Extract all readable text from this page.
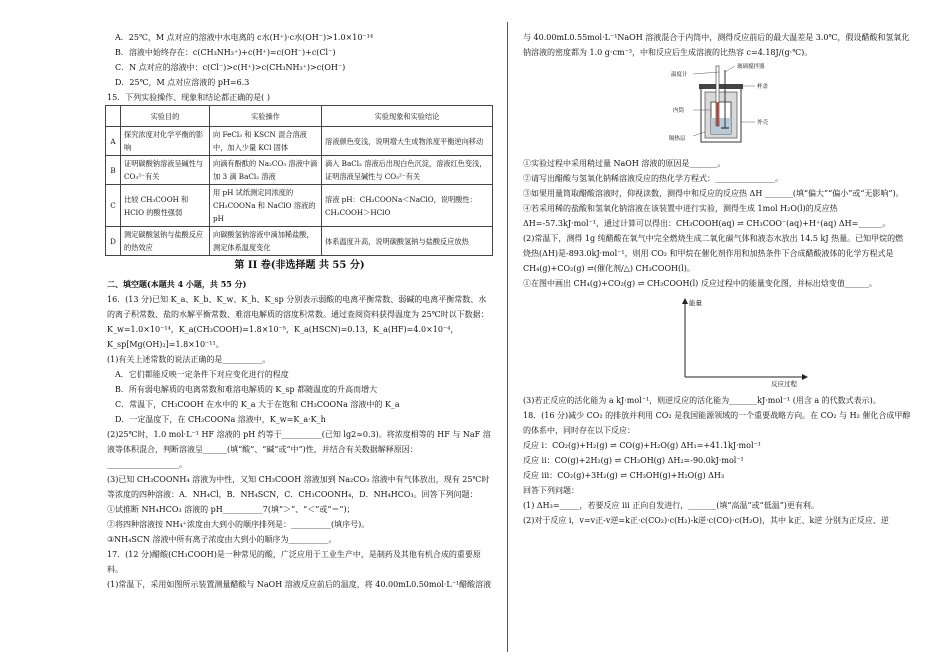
A．25℃，M 点对应的溶液中水电离的 c水(H⁺)·c水(OH⁻)>1.0×10⁻¹⁴

B．溶液中始终存在：c(CH₃NH₃⁺)+c(H⁺)=c(OH⁻)+c(Cl⁻)

C．N 点对应的溶液中：c(Cl⁻)>c(H⁺)>c(CH₃NH₃⁺)>c(OH⁻)

D．25℃，M 点对应溶液的 pH=6.3

15．下列实验操作、现象和结论都正确的是( )

	实验目的	实验操作	实验现象和实验结论
A	探究浓度对化学平衡的影响	向 FeCl₃ 和 KSCN 混合溶液中，加入少量 KCl 固体	溶液颜色变浅，说明增大生成物浓度平衡逆向移动
B	证明碳酸钠溶液呈碱性与 CO₃²⁻有关	向滴有酚酞的 Na₂CO₃ 溶液中滴加 3 滴 BaCl₂ 溶液	滴入 BaCl₂ 溶液后出现白色沉淀，溶液红色变浅，证明溶液呈碱性与 CO₃²⁻有关
C	比较 CH₃COOH 和 HClO 的酸性强弱	用 pH 试纸测定同浓度的 CH₃COONa 和 NaClO 溶液的 pH	溶液 pH：CH₃COONa＜NaClO，说明酸性：CH₃COOH＞HClO
D	测定碳酸氢钠与盐酸反应的热效应	向碳酸氢钠溶液中滴加稀盐酸，测定体系温度变化	体系温度升高，说明碳酸氢钠与盐酸反应放热

第 II 卷(非选择题 共 55 分)

二、填空题(本题共 4 小题，共 55 分)

16．(13 分)已知 K_a、K_b、K_w、K_h、K_sp 分别表示弱酸的电离平衡常数、弱碱的电离平衡常数、水的离子积常数、盐的水解平衡常数、难溶电解质的溶度积常数。通过查阅资料获得温度为 25℃时以下数据：K_w=1.0×10⁻¹⁴，K_a(CH₃COOH)=1.8×10⁻⁵，K_a(HSCN)=0.13，K_a(HF)=4.0×10⁻⁴，K_sp[Mg(OH)₂]=1.8×10⁻¹¹。

(1)有关上述常数的说法正确的是__________。

A．它们都能反映一定条件下对应变化进行的程度

B．所有弱电解质的电离常数和难溶电解质的 K_sp 都随温度的升高而增大

C．常温下，CH₃COOH 在水中的 K_a 大于在饱和 CH₃COONa 溶液中的 K_a

D．一定温度下，在 CH₃COONa 溶液中，K_w=K_a·K_h

(2)25℃时，1.0 mol·L⁻¹ HF 溶液的 pH 约等于__________(已知 lg2≈0.3)。将浓度相等的 HF 与 NaF 溶液等体积混合，判断溶液呈______(填“酸”、“碱”或“中”)性，并结合有关数据解释原因：__________________。

(3)已知 CH₃COONH₄ 溶液为中性，又知 CH₃COOH 溶液加到 Na₂CO₃ 溶液中有气体放出，现有 25℃时等浓度的四种溶液：A．NH₄Cl，B．NH₄SCN，C．CH₃COONH₄，D．NH₄HCO₃。回答下列问题：

①试推断 NH₄HCO₃ 溶液的 pH__________7(填“＞”、“＜”或“＝”)；

②将四种溶液按 NH₄⁺浓度由大到小的顺序排列是：__________(填序号)。

③NH₄SCN 溶液中所有离子浓度由大到小的顺序为__________。

17．(12 分)醋酸(CH₃COOH)是一种常见的酸，广泛应用于工业生产中，是制药及其他有机合成的重要原料。

(1)常温下，采用如图所示装置测量醋酸与 NaOH 溶液反应前后的温度，将 40.00mL0.50mol·L⁻¹醋酸溶液

与 40.00mL0.55mol·L⁻¹NaOH 溶液混合于内筒中，测得反应前后的最大温差是 3.0℃，假设醋酸和氢氧化钠溶液的密度都为 1.0 g·cm⁻³，中和反应后生成溶液的比热容 c=4.18J/(g·℃)。

温度计
玻璃搅拌器
杯盖
内筒
外壳
隔热层

①实验过程中采用稍过量 NaOH 溶液的原因是_______。

②请写出醋酸与氢氧化钠稀溶液反应的热化学方程式：_______________。

③如果用量筒取醋酸溶液时，仰视读数，测得中和反应的反应热 ΔH _______(填“偏大”“偏小”或“无影响”)。

④若采用稀的盐酸和氢氧化钠溶液在该装置中进行实验，测得生成 1mol H₂O(l)的反应热 ΔH=-57.3kJ·mol⁻¹，通过计算可以得出：CH₃COOH(aq) ⇌ CH₃COO⁻(aq)+H⁺(aq) ΔH=______。

(2)常温下，测得 1g 纯醋酸在氧气中完全燃烧生成二氧化碳气体和液态水放出 14.5 kJ 热量。已知甲烷的燃烧热(ΔH)是-893.0kJ·mol⁻¹，则用 CO₂ 和甲烷在催化剂作用和加热条件下合成醋酸液体的化学方程式是 CH₄(g)+CO₂(g) ⇌(催化剂/△) CH₃COOH(l)。

①在图中画出 CH₄(g)+CO₂(g) ⇌ CH₃COOH(l) 反应过程中的能量变化图，并标出焓变值______。

能量
反应过程

(3)若正反应的活化能为 a kJ·mol⁻¹，则逆反应的活化能为_______kJ·mol⁻¹ (用含 a 的代数式表示)。

18．(16 分)减少 CO₂ 的排放并利用 CO₂ 是我国能源领域的一个重要战略方向。在 CO₂ 与 H₂ 催化合成甲醇的体系中，同时存在以下反应：

反应 i：CO₂(g)+H₂(g) ⇌ CO(g)+H₂O(g) ΔH₁=+41.1kJ·mol⁻¹

反应 ii：CO(g)+2H₂(g) ⇌ CH₃OH(g) ΔH₂=-90.0kJ·mol⁻¹

反应 iii：CO₂(g)+3H₂(g) ⇌ CH₃OH(g)+H₂O(g) ΔH₃

回答下列问题：

(1) ΔH₃=_____，若要反应 iii 正向自发进行，_______(填“高温”或“低温”)更有利。

(2)对于反应 i，v=v正-v逆=k正·c(CO₂)·c(H₂)-k逆·c(CO)·c(H₂O)，其中 k正、k逆 分别为正反应、逆
